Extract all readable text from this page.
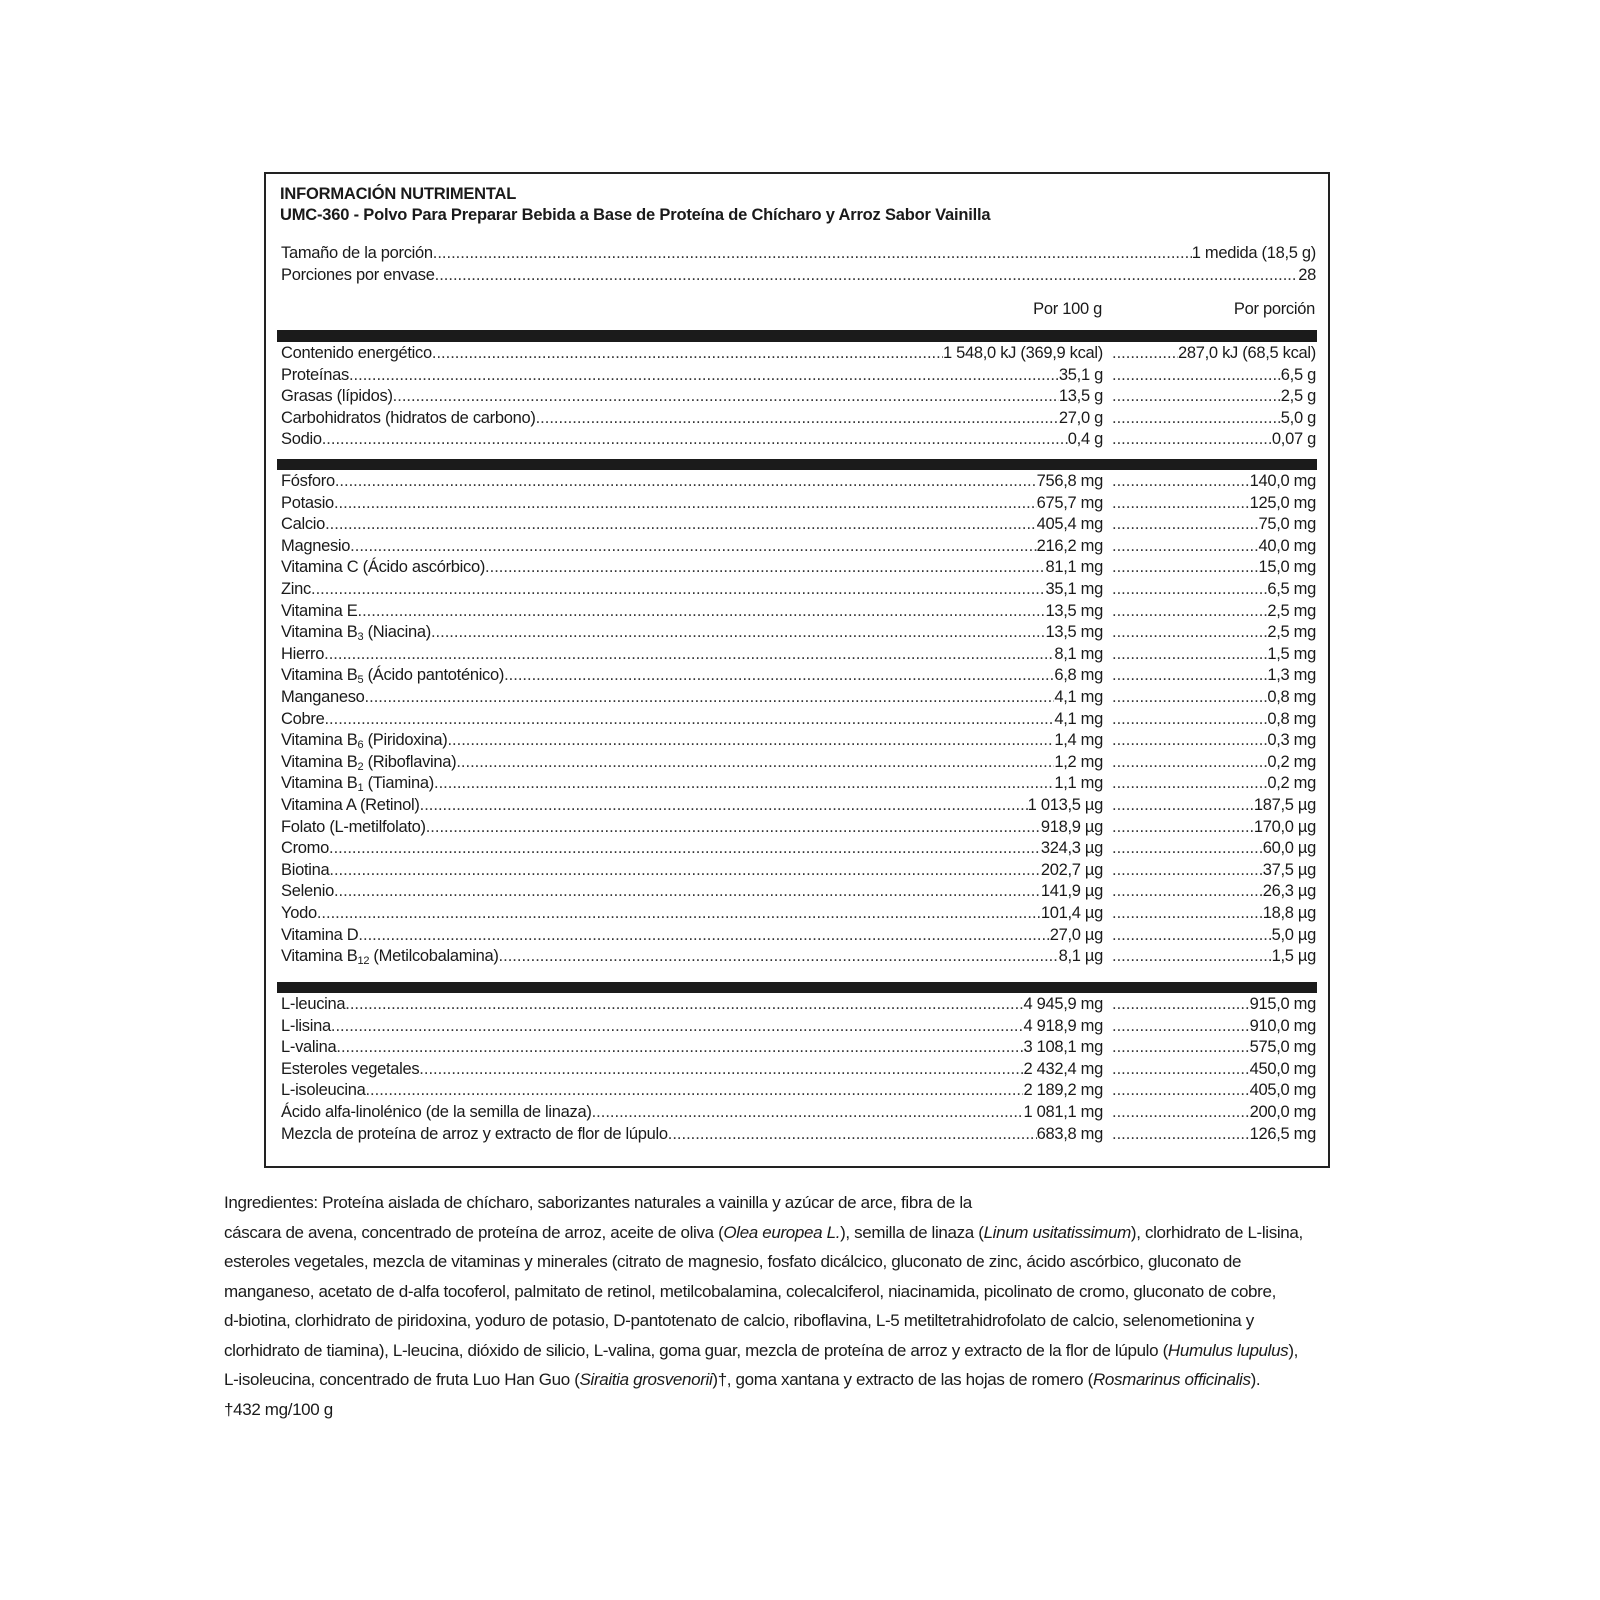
INFORMACIÓN NUTRIMENTAL
UMC-360 - Polvo Para Preparar Bebida a Base de Proteína de Chícharo y Arroz Sabor Vainilla
Tamaño de la porción .....	1 medida (18,5 g)
Porciones por envase .....	28
Por 100 g	Por porción
Contenido energético .....	1 548,0 kJ (369,9 kcal) .....	287,0 kJ (68,5 kcal)
Proteínas .....	35,1 g .....	6,5 g
Grasas (lípidos) .....	13,5 g .....	2,5 g
Carbohidratos (hidratos de carbono) .....	27,0 g .....	5,0 g
Sodio .....	0,4 g .....	0,07 g
Fósforo .....	756,8 mg .....	140,0 mg
Potasio .....	675,7 mg .....	125,0 mg
Calcio .....	405,4 mg .....	75,0 mg
Magnesio .....	216,2 mg .....	40,0 mg
Vitamina C (Ácido ascórbico) .....	81,1 mg .....	15,0 mg
Zinc .....	35,1 mg .....	6,5 mg
Vitamina E .....	13,5 mg .....	2,5 mg
Vitamina $B_3$ (Niacina) .....	13,5 mg .....	2,5 mg
Hierro .....	8,1 mg .....	1,5 mg
Vitamina $B_5$ (Ácido pantoténico) .....	6,8 mg .....	1,3 mg
Manganeso .....	4,1 mg .....	0,8 mg
Cobre .....	4,1 mg .....	0,8 mg
Vitamina $B_6$ (Piridoxina) .....	1,4 mg .....	0,3 mg
Vitamina $B_2$ (Riboflavina) .....	1,2 mg .....	0,2 mg
Vitamina $B_1$ (Tiamina) .....	1,1 mg .....	0,2 mg
Vitamina A (Retinol) .....	1 013,5 µg .....	187,5 µg
Folato (L-metilfolato) .....	918,9 µg .....	170,0 µg
Cromo .....	324,3 µg .....	60,0 µg
Biotina .....	202,7 µg .....	37,5 µg
Selenio .....	141,9 µg .....	26,3 µg
Yodo .....	101,4 µg .....	18,8 µg
Vitamina D .....	27,0 µg .....	5,0 µg
Vitamina $B_{12}$ (Metilcobalamina) .....	8,1 µg .....	1,5 µg
L-leucina .....	4 945,9 mg .....	915,0 mg
L-lisina .....	4 918,9 mg .....	910,0 mg
L-valina .....	3 108,1 mg .....	575,0 mg
Esteroles vegetales .....	2 432,4 mg .....	450,0 mg
L-isoleucina .....	2 189,2 mg .....	405,0 mg
Ácido alfa-linolénico (de la semilla de linaza) .....	1 081,1 mg .....	200,0 mg
Mezcla de proteína de arroz y extracto de flor de lúpulo .....	683,8 mg .....	126,5 mg

Ingredientes: Proteína aislada de chícharo, saborizantes naturales a vainilla y azúcar de arce, fibra de la

cáscara de avena, concentrado de proteína de arroz, aceite de oliva (Olea europea L.), semilla de linaza (Linum usitatissimum), clorhidrato de L-lisina,

esteroles vegetales, mezcla de vitaminas y minerales (citrato de magnesio, fosfato dicálcico, gluconato de zinc, ácido ascórbico, gluconato de

manganeso, acetato de d-alfa tocoferol, palmitato de retinol, metilcobalamina, colecalciferol, niacinamida, picolinato de cromo, gluconato de cobre,

d-biotina, clorhidrato de piridoxina, yoduro de potasio, D-pantotenato de calcio, riboflavina, L-5 metiltetrahidrofolato de calcio, selenometionina y

clorhidrato de tiamina), L-leucina, dióxido de silicio, L-valina, goma guar, mezcla de proteína de arroz y extracto de la flor de lúpulo (Humulus lupulus),

L-isoleucina, concentrado de fruta Luo Han Guo (Siraitia grosvenorii)†, goma xantana y extracto de las hojas de romero (Rosmarinus officinalis).

†432 mg/100 g
